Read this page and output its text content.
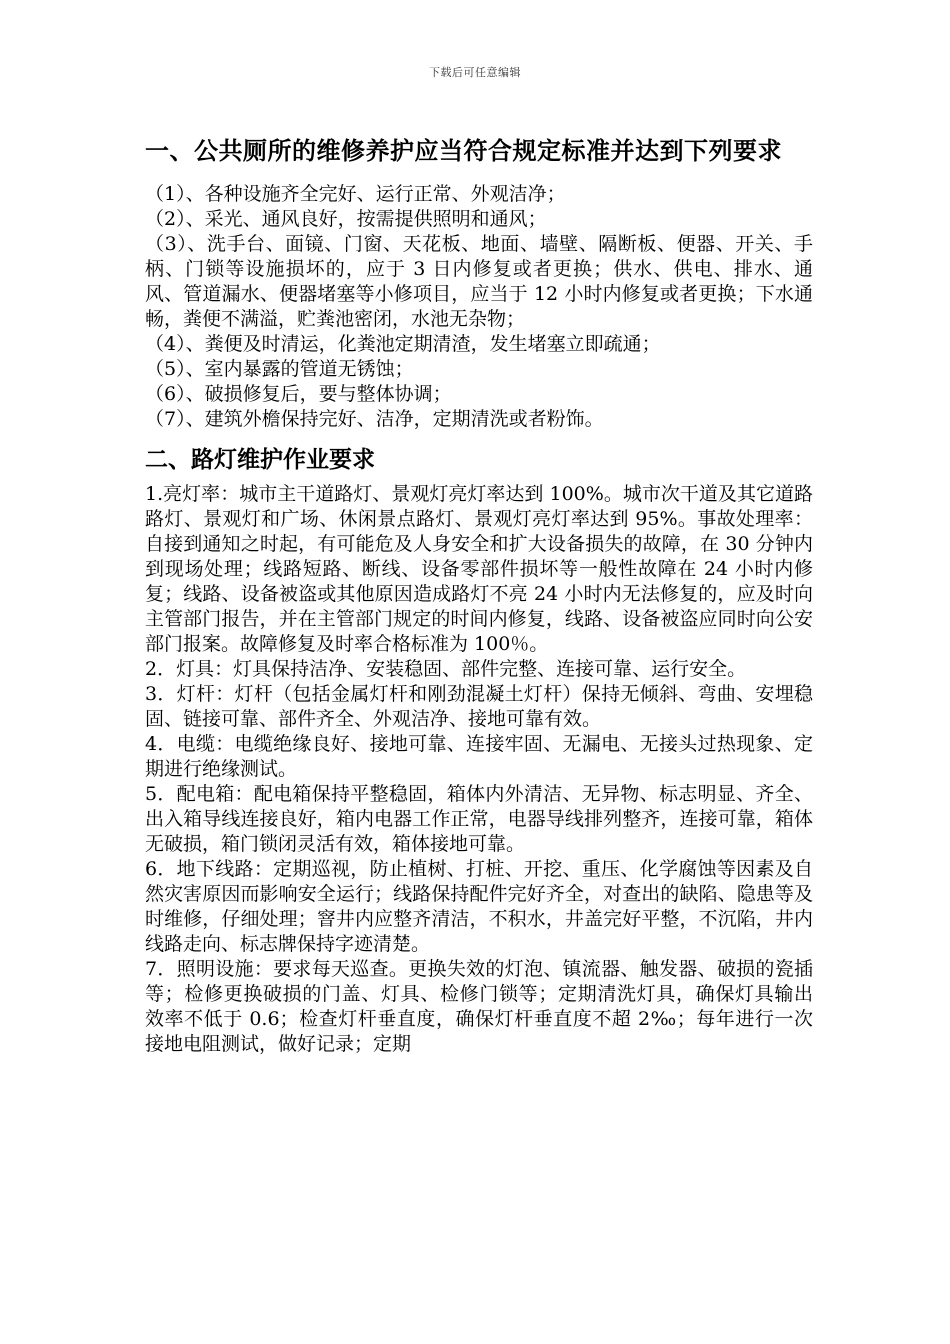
下载后可任意编辑
一、公共厕所的维修养护应当符合规定标准并达到下列要求

（1）、各种设施齐全完好、运行正常、外观洁净；

（2）、采光、通风良好，按需提供照明和通风；

（3）、洗手台、面镜、门窗、天花板、地面、墙壁、隔断板、便器、开关、手柄、门锁等设施损坏的，应于 3 日内修复或者更换；供水、供电、排水、通风、管道漏水、便器堵塞等小修项目，应当于 12 小时内修复或者更换；下水通畅，粪便不满溢，贮粪池密闭，水池无杂物；

（4）、粪便及时清运，化粪池定期清渣，发生堵塞立即疏通；

（5）、室内暴露的管道无锈蚀；

（6）、破损修复后，要与整体协调；

（7）、建筑外檐保持完好、洁净，定期清洗或者粉饰。

二、路灯维护作业要求

1.亮灯率：城市主干道路灯、景观灯亮灯率达到 100%。城市次干道及其它道路路灯、景观灯和广场、休闲景点路灯、景观灯亮灯率达到 95%。事故处理率：自接到通知之时起，有可能危及人身安全和扩大设备损失的故障，在 30 分钟内到现场处理；线路短路、断线、设备零部件损坏等一般性故障在 24 小时内修复；线路、设备被盗或其他原因造成路灯不亮 24 小时内无法修复的，应及时向主管部门报告，并在主管部门规定的时间内修复，线路、设备被盗应同时向公安部门报案。故障修复及时率合格标准为 100％。

2．灯具：灯具保持洁净、安装稳固、部件完整、连接可靠、运行安全。

3．灯杆：灯杆（包括金属灯杆和刚劲混凝土灯杆）保持无倾斜、弯曲、安埋稳固、链接可靠、部件齐全、外观洁净、接地可靠有效。

4．电缆：电缆绝缘良好、接地可靠、连接牢固、无漏电、无接头过热现象、定期进行绝缘测试。

5．配电箱：配电箱保持平整稳固，箱体内外清洁、无异物、标志明显、齐全、出入箱导线连接良好，箱内电器工作正常，电器导线排列整齐，连接可靠，箱体无破损，箱门锁闭灵活有效，箱体接地可靠。

6．地下线路：定期巡视，防止植树、打桩、开挖、重压、化学腐蚀等因素及自然灾害原因而影响安全运行；线路保持配件完好齐全，对查出的缺陷、隐患等及时维修，仔细处理；窨井内应整齐清洁，不积水，井盖完好平整，不沉陷，井内线路走向、标志牌保持字迹清楚。

7．照明设施：要求每天巡查。更换失效的灯泡、镇流器、触发器、破损的瓷插等；检修更换破损的门盖、灯具、检修门锁等；定期清洗灯具，确保灯具输出 效率不低于 0.6；检查灯杆垂直度，确保灯杆垂直度不超 2‰；每年进行一次接地电阻测试，做好记录；定期
